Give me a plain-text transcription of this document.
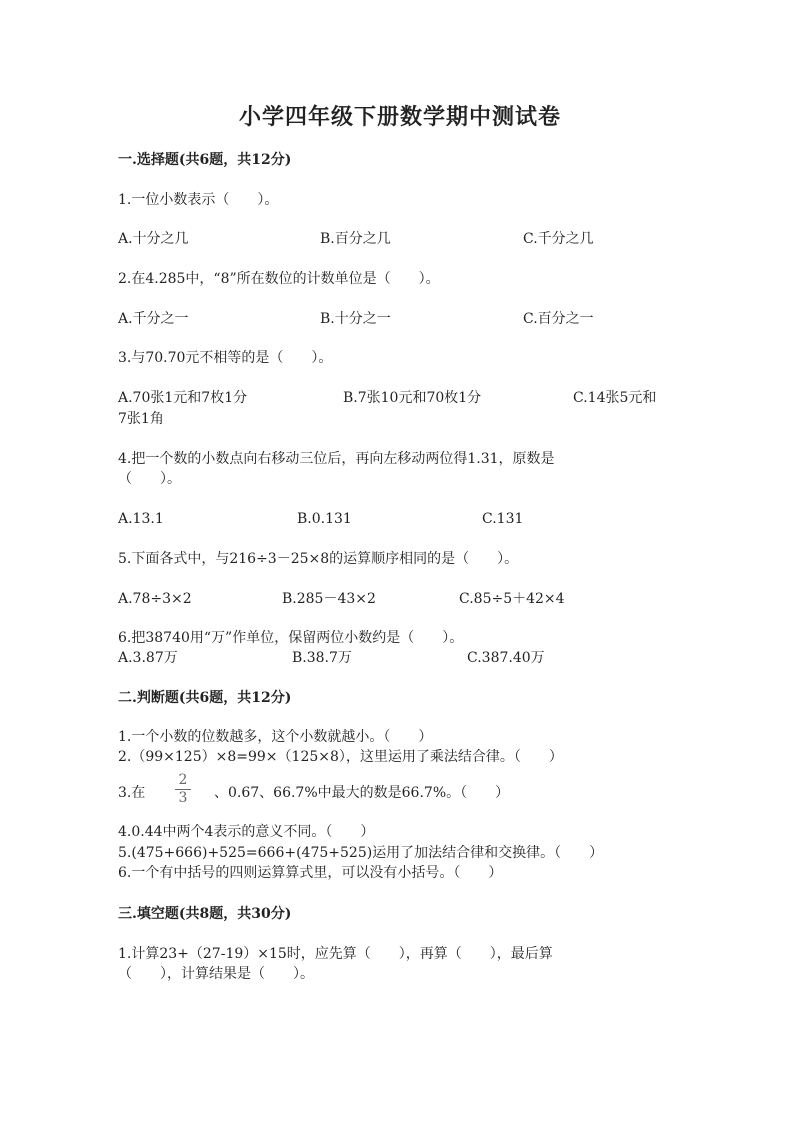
小学四年级下册数学期中测试卷
一.选择题(共6题，共12分)
1.一位小数表示（　　）。
A.十分之几	B.百分之几	C.千分之几
2.在4.285中，“8”所在数位的计数单位是（　　）。
A.千分之一	B.十分之一	C.百分之一
3.与70.70元不相等的是（　　）。
A.70张1元和7枚1分	B.7张10元和70枚1分	C.14张5元和
7张1角
4.把一个数的小数点向右移动三位后，再向左移动两位得1.31，原数是
（　　）。
A.13.1	B.0.131	C.131
5.下面各式中，与216÷3－25×8的运算顺序相同的是（　　）。
A.78÷3×2	B.285－43×2	C.85÷5＋42×4
6.把38740用“万”作单位，保留两位小数约是（　　）。
A.3.87万	B.38.7万	C.387.40万
二.判断题(共6题，共12分)
1.一个小数的位数越多，这个小数就越小。（　　）
2.（99×125）×8=99×（125×8），这里运用了乘法结合律。（　　）
3.在
2
3 、0.67、66.7%中最大的数是66.7%。（　　）
4.0.44中两个4表示的意义不同。（　　）
5.(475+666)+525=666+(475+525)运用了加法结合律和交换律。（　　）
6.一个有中括号的四则运算算式里，可以没有小括号。（　　）
三.填空题(共8题，共30分)
1.计算23+（27-19）×15时，应先算（　　），再算（　　），最后算
（　　），计算结果是（　　）。
